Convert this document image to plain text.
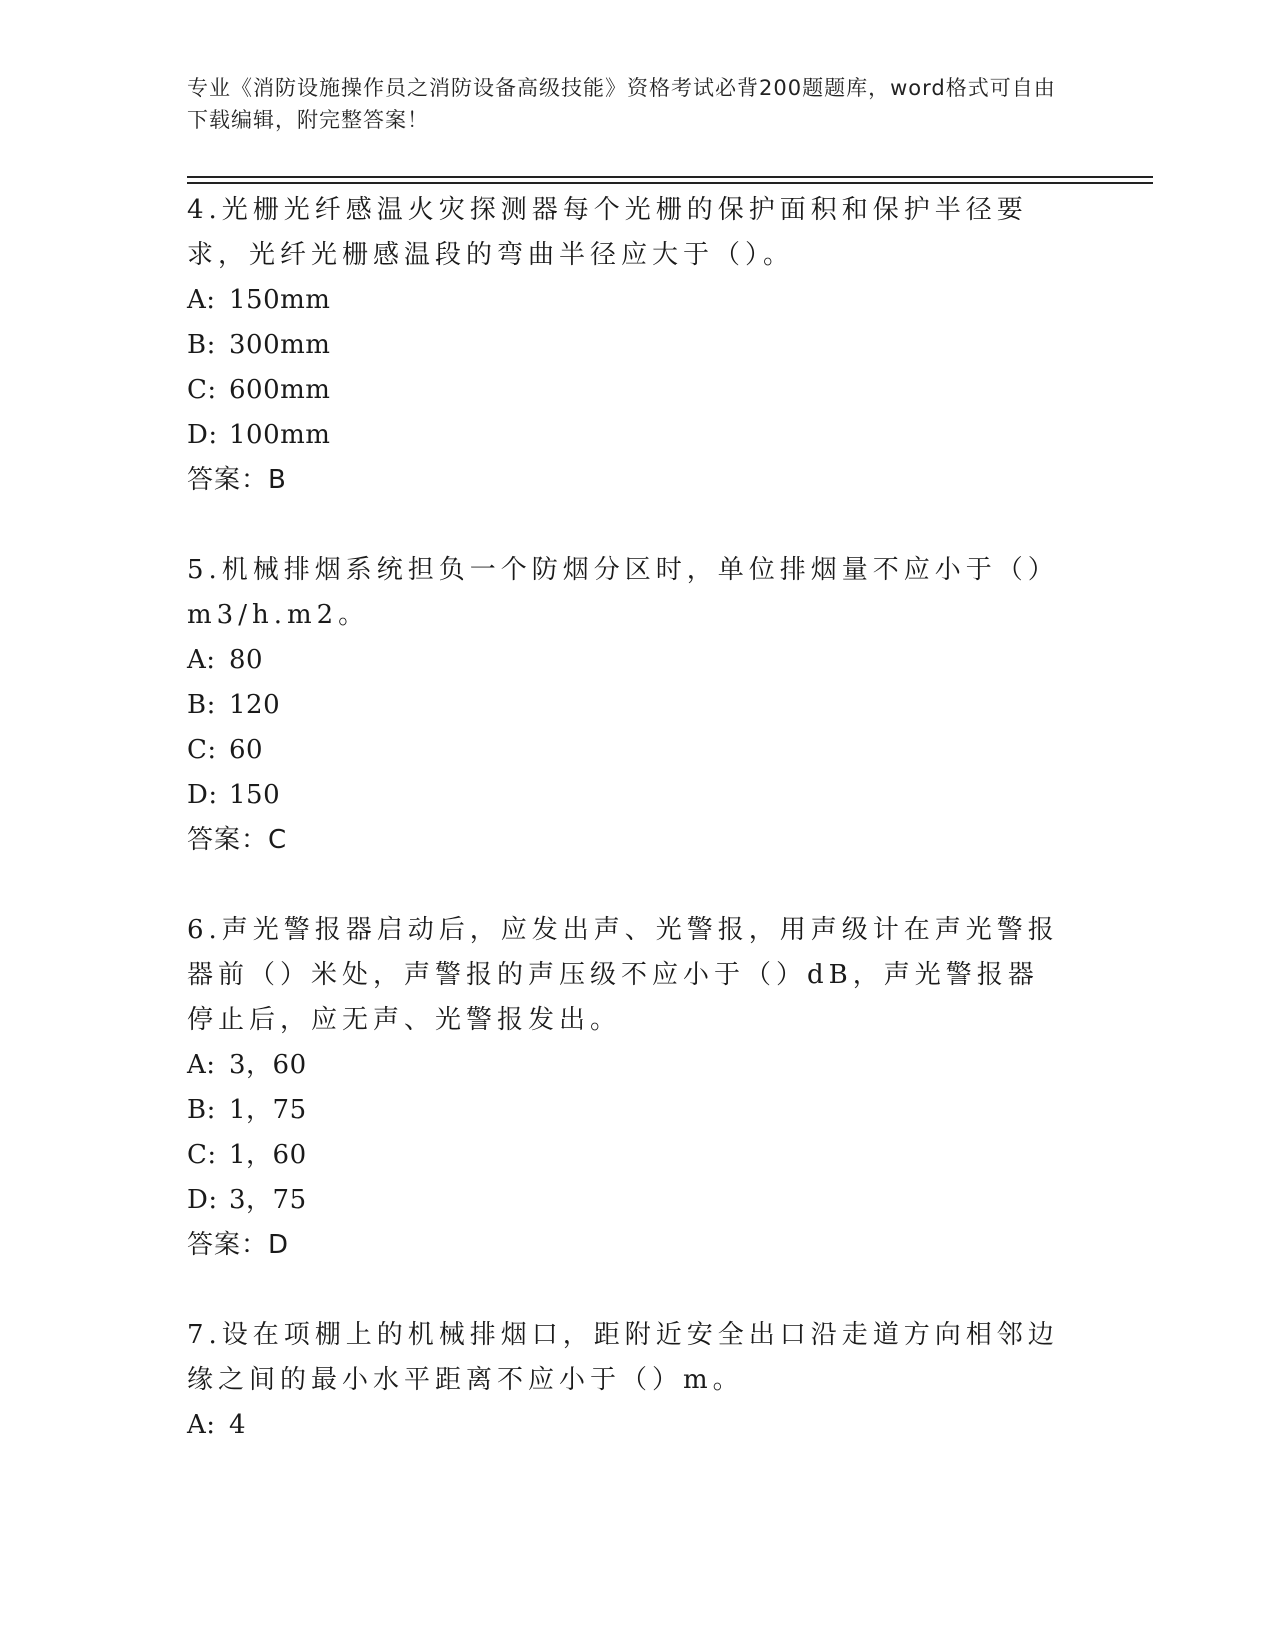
专业《消防设施操作员之消防设备高级技能》资格考试必背200题题库，word格式可自由下载编辑，附完整答案！

4.光栅光纤感温火灾探测器每个光栅的保护面积和保护半径要求，光纤光栅感温段的弯曲半径应大于（）。

A: 150mm

B: 300mm

C: 600mm

D: 100mm

答案：B

5.机械排烟系统担负一个防烟分区时，单位排烟量不应小于（）m3/h.m2。

A: 80

B: 120

C: 60

D: 150

答案：C

6.声光警报器启动后，应发出声、光警报，用声级计在声光警报器前（）米处，声警报的声压级不应小于（）dB，声光警报器停止后，应无声、光警报发出。

A: 3，60

B: 1，75

C: 1，60

D: 3，75

答案：D

7.设在项棚上的机械排烟口，距附近安全出口沿走道方向相邻边缘之间的最小水平距离不应小于（）m。

A: 4
